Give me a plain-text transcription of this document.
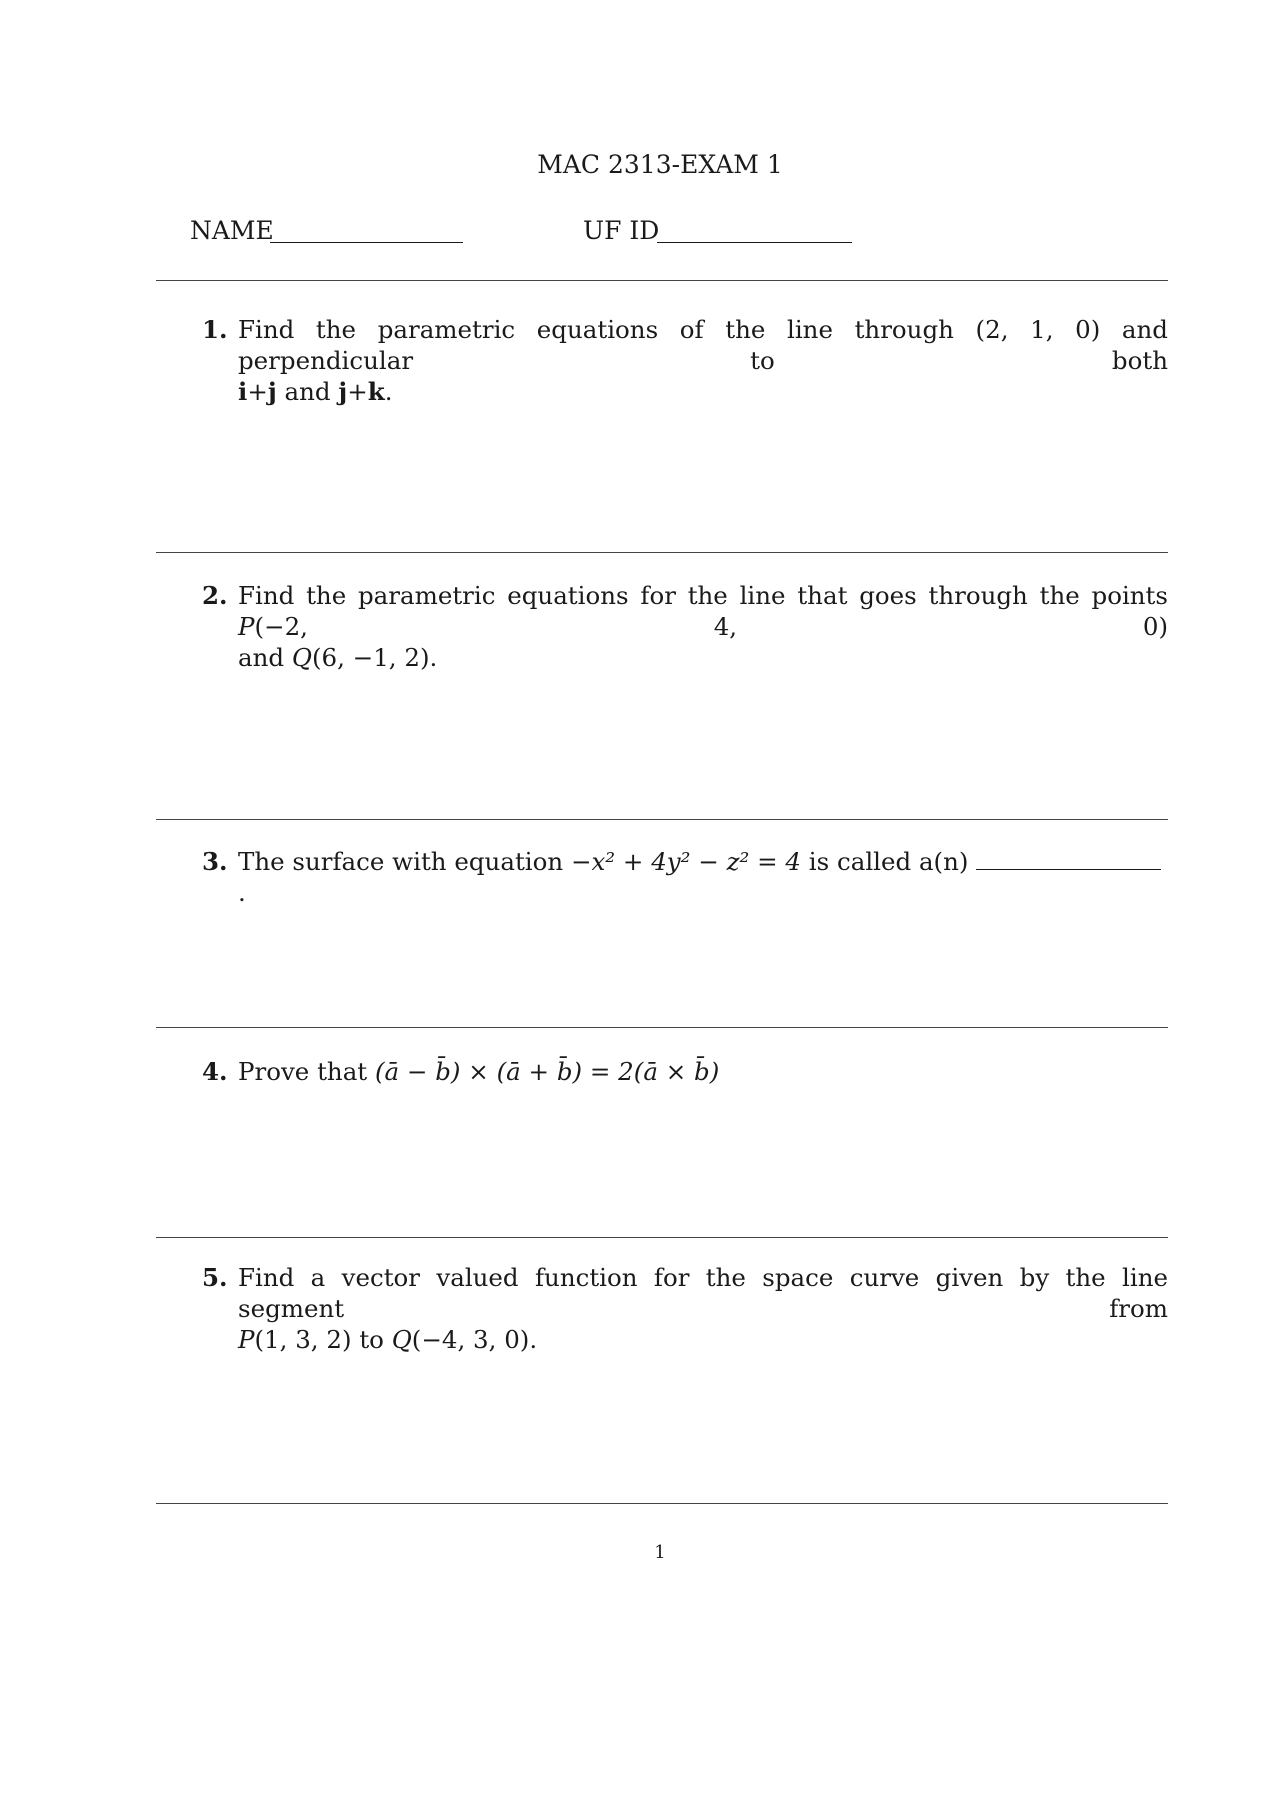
MAC 2313-EXAM 1
NAME	UF ID
1. Find the parametric equations of the line through (2, 1, 0) and perpendicular to both
i+j and j+k.
2. Find the parametric equations for the line that goes through the points P(−2, 4, 0)
and Q(6, −1, 2).
3. The surface with equation −x² + 4y² − z² = 4 is called a(n) .
4. Prove that (ā − b̄) × (ā + b̄) = 2(ā × b̄)
5. Find a vector valued function for the space curve given by the line segment from
P(1, 3, 2) to Q(−4, 3, 0).
1
